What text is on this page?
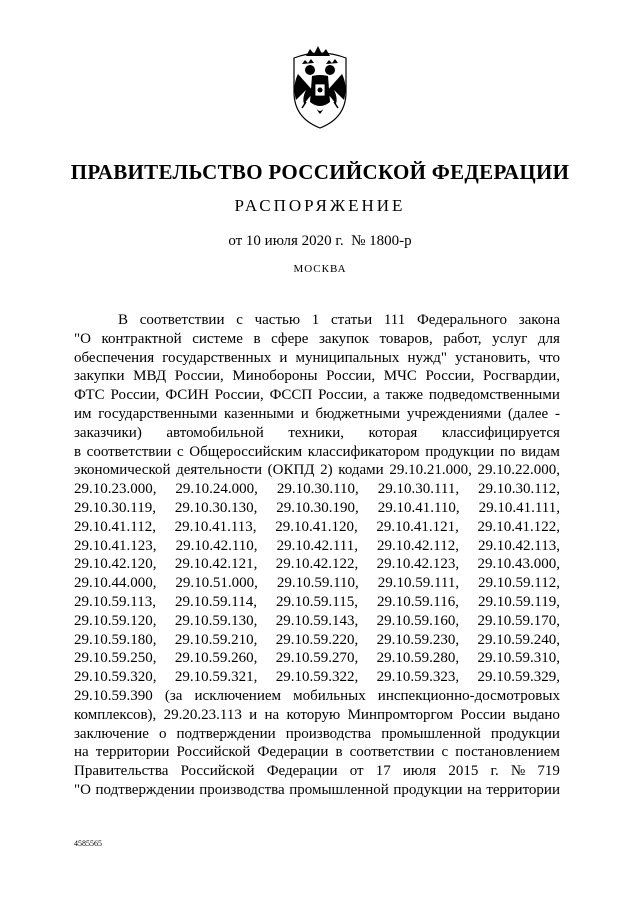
ПРАВИТЕЛЬСТВО РОССИЙСКОЙ ФЕДЕРАЦИИ
РАСПОРЯЖЕНИЕ
от 10 июля 2020 г.  № 1800-р
МОСКВА
В соответствии с частью 1 статьи 111 Федерального закона
"О контрактной системе в сфере закупок товаров, работ, услуг для
обеспечения государственных и муниципальных нужд" установить, что
закупки МВД России, Минобороны России, МЧС России, Росгвардии,
ФТС России, ФСИН России, ФССП России, а также подведомственными
им государственными казенными и бюджетными учреждениями (далее -
заказчики) автомобильной техники, которая классифицируется
в соответствии с Общероссийским классификатором продукции по видам
экономической деятельности (ОКПД 2) кодами 29.10.21.000, 29.10.22.000,
29.10.23.000, 29.10.24.000, 29.10.30.110, 29.10.30.111, 29.10.30.112,
29.10.30.119, 29.10.30.130, 29.10.30.190, 29.10.41.110, 29.10.41.111,
29.10.41.112, 29.10.41.113, 29.10.41.120, 29.10.41.121, 29.10.41.122,
29.10.41.123, 29.10.42.110, 29.10.42.111, 29.10.42.112, 29.10.42.113,
29.10.42.120, 29.10.42.121, 29.10.42.122, 29.10.42.123, 29.10.43.000,
29.10.44.000, 29.10.51.000, 29.10.59.110, 29.10.59.111, 29.10.59.112,
29.10.59.113, 29.10.59.114, 29.10.59.115, 29.10.59.116, 29.10.59.119,
29.10.59.120, 29.10.59.130, 29.10.59.143, 29.10.59.160, 29.10.59.170,
29.10.59.180, 29.10.59.210, 29.10.59.220, 29.10.59.230, 29.10.59.240,
29.10.59.250, 29.10.59.260, 29.10.59.270, 29.10.59.280, 29.10.59.310,
29.10.59.320, 29.10.59.321, 29.10.59.322, 29.10.59.323, 29.10.59.329,
29.10.59.390 (за исключением мобильных инспекционно-досмотровых
комплексов), 29.20.23.113 и на которую Минпромторгом России выдано
заключение о подтверждении производства промышленной продукции
на территории Российской Федерации в соответствии с постановлением
Правительства Российской Федерации от 17 июля 2015 г. № 719
"О подтверждении производства промышленной продукции на территории
4585565
